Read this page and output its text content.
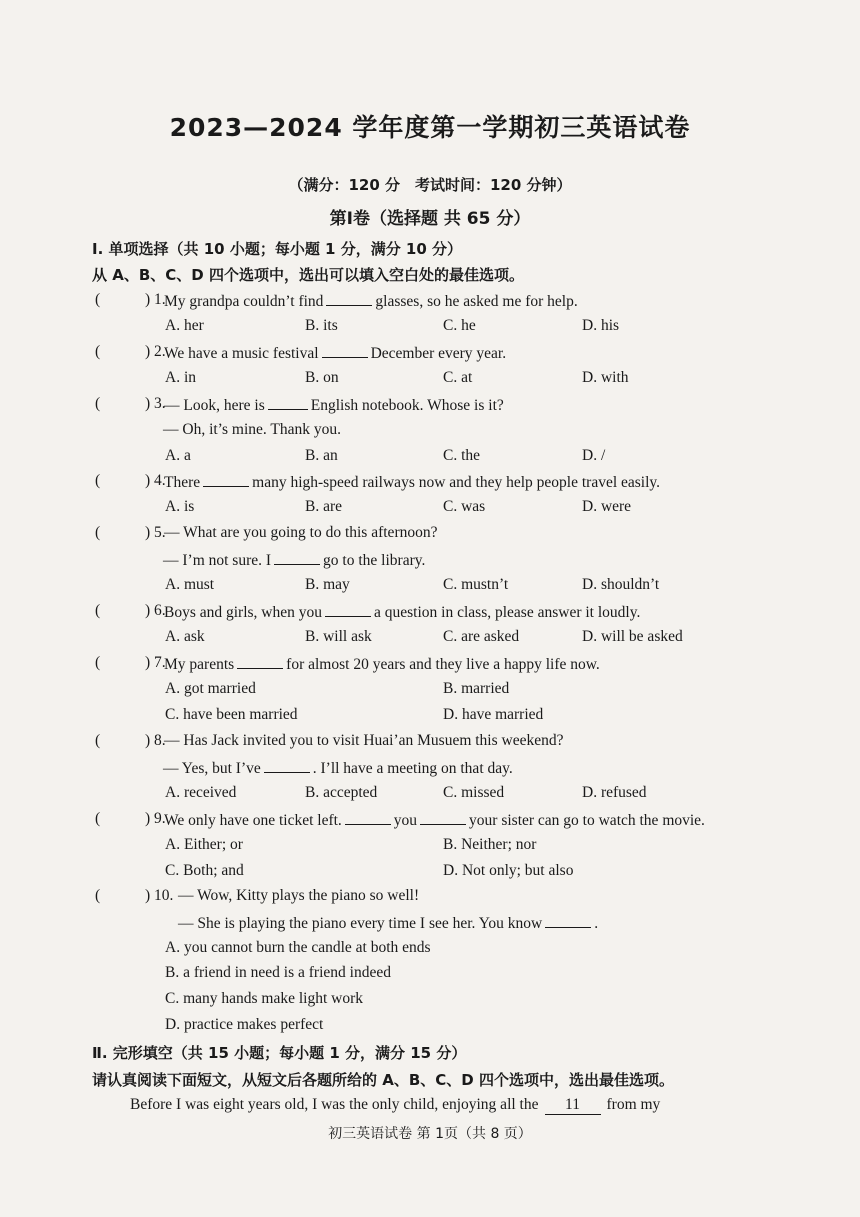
2023—2024 学年度第一学期初三英语试卷
（满分：120 分　考试时间：120 分钟）
第Ⅰ卷（选择题 共 65 分）
Ⅰ. 单项选择（共 10 小题；每小题 1 分，满分 10 分）
从 A、B、C、D 四个选项中，选出可以填入空白处的最佳选项。
(	) 1.
My grandpa couldn’t find	glasses, so he asked me for help.
A. her	B. its	C. he	D. his
(	) 2.
We have a music festival	December every year.
A. in	B. on	C. at	D. with
(	) 3.
— Look, here is	English notebook. Whose is it?
— Oh, it’s mine. Thank you.
A. a	B. an	C. the	D. /
(	) 4.
There	many high-speed railways now and they help people travel easily.
A. is	B. are	C. was	D. were
(	) 5.
— What are you going to do this afternoon?
— I’m not sure. I	go to the library.
A. must	B. may	C. mustn’t	D. shouldn’t
(	) 6.
Boys and girls, when you	a question in class, please answer it loudly.
A. ask	B. will ask	C. are asked	D. will be asked
(	) 7.
My parents	for almost 20 years and they live a happy life now.
A. got married	B. married
C. have been married	D. have married
(	) 8.
— Has Jack invited you to visit Huai’an Musuem this weekend?
— Yes, but I’ve	. I’ll have a meeting on that day.
A. received	B. accepted	C. missed	D. refused
(	) 9.
We only have one ticket left.	you	your sister can go to watch the movie.
A. Either; or	B. Neither; nor
C. Both; and	D. Not only; but also
(	) 10. — Wow, Kitty plays the piano so well!
— She is playing the piano every time I see her. You know	.
A. you cannot burn the candle at both ends
B. a friend in need is a friend indeed
C. many hands make light work
D. practice makes perfect
Ⅱ. 完形填空（共 15 小题；每小题 1 分，满分 15 分）
请认真阅读下面短文，从短文后各题所给的 A、B、C、D 四个选项中，选出最佳选项。
Before I was eight years old, I was the only child, enjoying all the 11 from my
初三英语试卷 第 1页（共 8 页）
